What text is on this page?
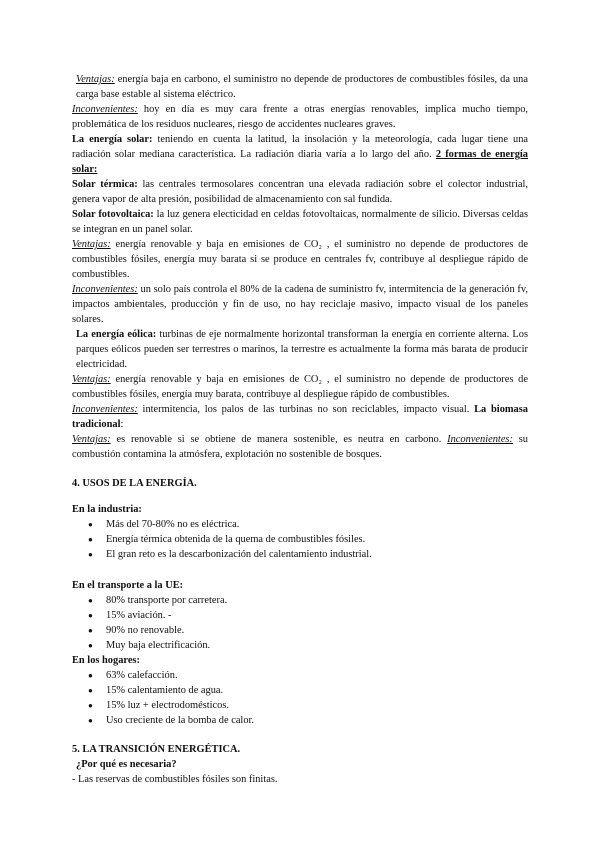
Ventajas: energía baja en carbono, el suministro no depende de productores de combustibles fósiles, da una carga base estable al sistema eléctrico.

Inconvenientes: hoy en día es muy cara frente a otras energías renovables, implica mucho tiempo, problemática de los residuos nucleares, riesgo de accidentes nucleares graves.

La energía solar: teniendo en cuenta la latitud, la insolación y la meteorología, cada lugar tiene una radiación solar mediana característica. La radiación diaria varía a lo largo del año. 2 formas de energía solar:

Solar térmica: las centrales termosolares concentran una elevada radiación sobre el colector industrial, genera vapor de alta presión, posibilidad de almacenamiento con sal fundida.

Solar fotovoltaica: la luz genera electicidad en celdas fotovoltaicas, normalmente de silicio. Diversas celdas se integran en un panel solar.

Ventajas: energía renovable y baja en emisiones de CO₂ , el suministro no depende de productores de combustibles fósiles, energía muy barata si se produce en centrales fv, contribuye al despliegue rápido de combustibles.

Inconvenientes: un solo país controla el 80% de la cadena de suministro fv, intermitencia de la generación fv, impactos ambientales, producción y fin de uso, no hay reciclaje masivo, impacto visual de los paneles solares.

La energía eólica: turbinas de eje normalmente horizontal transforman la energía en corriente alterna. Los parques eólicos pueden ser terrestres o marinos, la terrestre es actualmente la forma más barata de producir electricidad.

Ventajas: energía renovable y baja en emisiones de CO₂ , el suministro no depende de productores de combustibles fósiles, energía muy barata, contribuye al despliegue rápido de combustibles.

Inconvenientes: intermitencia, los palos de las turbinas no son reciclables, impacto visual. La biomasa tradicional:

Ventajas: es renovable si se obtiene de manera sostenible, es neutra en carbono. Inconvenientes: su combustión contamina la atmósfera, explotación no sostenible de bosques.

4. USOS DE LA ENERGÍA.

En la industria:

● Más del 70-80% no es eléctrica.
● Energía térmica obtenida de la quema de combustibles fósiles.
● El gran reto es la descarbonización del calentamiento industrial.

En el transporte a la UE:

● 80% transporte por carretera.
● 15% aviación. -
● 90% no renovable.
● Muy baja electrificación.

En los hogares:

● 63% calefacción.
● 15% calentamiento de agua.
● 15% luz + electrodomésticos.
● Uso creciente de la bomba de calor.

5. LA TRANSICIÓN ENERGÉTICA.

¿Por qué es necesaria?

- Las reservas de combustibles fósiles son finitas.
